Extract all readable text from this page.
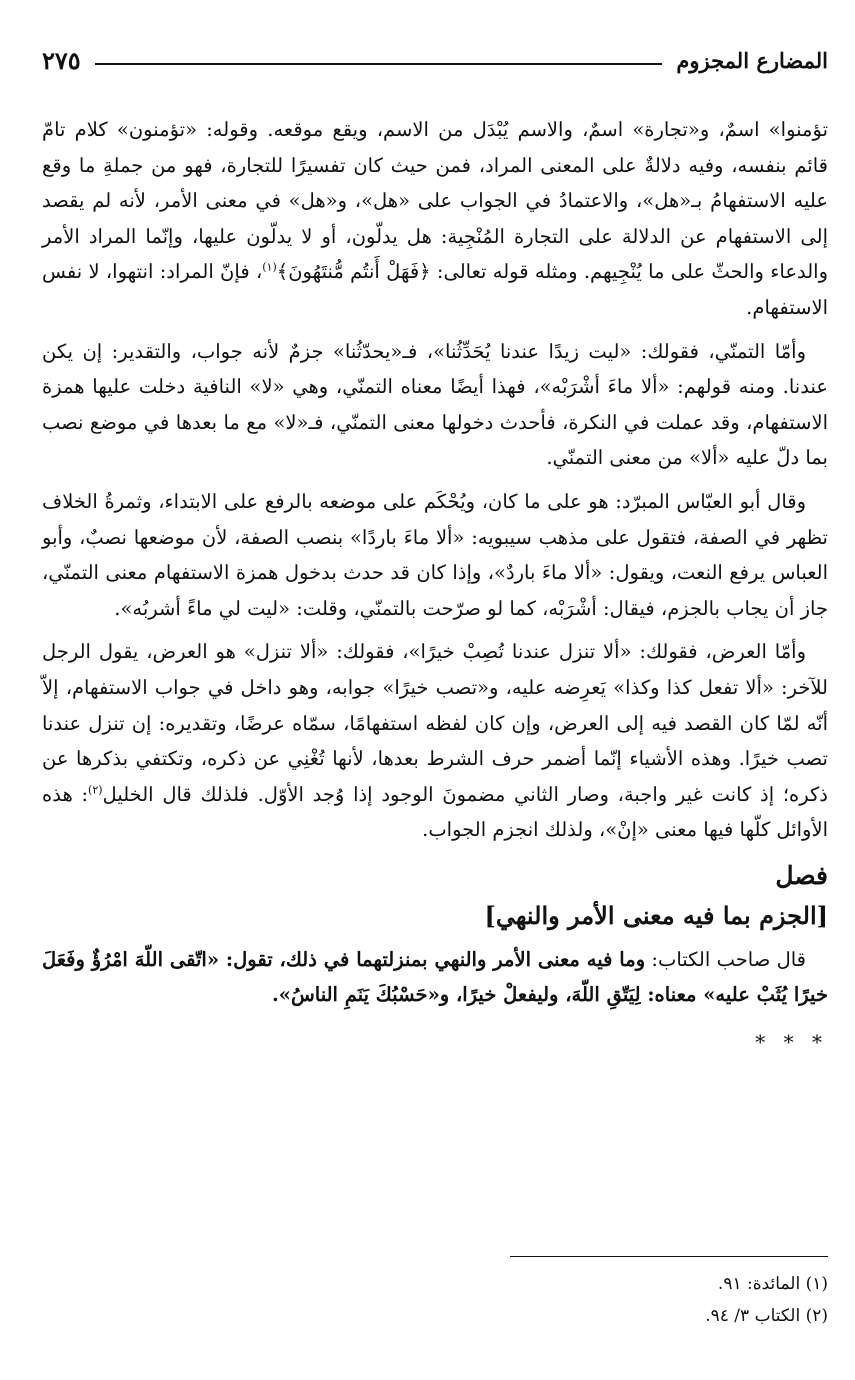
المضارع المجزوم
٢٧٥

تؤمنوا» اسمٌ، و«تجارة» اسمٌ، والاسم يُبْدَل من الاسم، ويقع موقعه. وقوله: «تؤمنون» كلام تامّ قائم بنفسه، وفيه دلالةٌ على المعنى المراد، فمن حيث كان تفسيرًا للتجارة، فهو من جملةِ ما وقع عليه الاستفهامُ بـ«هل»، والاعتمادُ في الجواب على «هل»، و«هل» في معنى الأمر، لأنه لم يقصد إلى الاستفهام عن الدلالة على التجارة المُنْجِية: هل يدلّون، أو لا يدلّون عليها، وإنّما المراد الأمر والدعاء والحثّ على ما يُنْجِيهم. ومثله قوله تعالى: ﴿فَهَلْ أَنتُم مُّنتَهُونَ﴾$^{(١)}$، فإنّ المراد: انتهوا، لا نفس الاستفهام.

وأمّا التمنّي، فقولك: «ليت زيدًا عندنا يُحَدِّثُنا»، فـ«يحدّثُنا» جزمٌ لأنه جواب، والتقدير: إن يكن عندنا. ومنه قولهم: «ألا ماءَ أشْرَبْه»، فهذا أيضًا معناه التمنّي، وهي «لا» النافية دخلت عليها همزة الاستفهام، وقد عملت في النكرة، فأحدث دخولها معنى التمنّي، فـ«لا» مع ما بعدها في موضع نصب بما دلّ عليه «ألا» من معنى التمنّي.

وقال أبو العبّاس المبرّد: هو على ما كان، ويُحْكَم على موضعه بالرفع على الابتداء، وثمرةُ الخلاف تظهر في الصفة، فتقول على مذهب سيبويه: «ألا ماءَ باردًا» بنصب الصفة، لأن موضعها نصبٌ، وأبو العباس يرفع النعت، ويقول: «ألا ماءَ باردٌ»، وإذا كان قد حدث بدخول همزة الاستفهام معنى التمنّي، جاز أن يجاب بالجزم، فيقال: أشْرَبْه، كما لو صرّحت بالتمنّي، وقلت: «ليت لي ماءً أشربُه».

وأمّا العرض، فقولك: «ألا تنزل عندنا تُصِبْ خيرًا»، فقولك: «ألا تنزل» هو العرض، يقول الرجل للآخر: «ألا تفعل كذا وكذا» يَعرِضه عليه، و«تصب خيرًا» جوابه، وهو داخل في جواب الاستفهام، إلاّ أنّه لمّا كان القصد فيه إلى العرض، وإن كان لفظه استفهامًا، سمّاه عرضًا، وتقديره: إن تنزل عندنا تصب خيرًا. وهذه الأشياء إنّما أضمر حرف الشرط بعدها، لأنها تُغْنِي عن ذكره، وتكتفي بذكرها عن ذكره؛ إذ كانت غير واجبة، وصار الثاني مضمونَ الوجود إذا وُجد الأوّل. فلذلك قال الخليل$^{(٢)}$: هذه الأوائل كلّها فيها معنى «إنْ»، ولذلك انجزم الجواب.

فصل
[الجزم بما فيه معنى الأمر والنهي]

قال صاحب الكتاب: وما فيه معنى الأمر والنهي بمنزلتهما في ذلك، تقول: «اتّقى اللّهَ امْرُؤٌ وفَعَلَ خيرًا يُثَبْ عليه» معناه: لِيَتّقِ اللّهَ، وليفعلْ خيرًا، و«حَسْبُكَ يَنَمِ الناسُ».

* * *
(١) المائدة: ٩١.
(٢) الكتاب ٣/ ٩٤.
